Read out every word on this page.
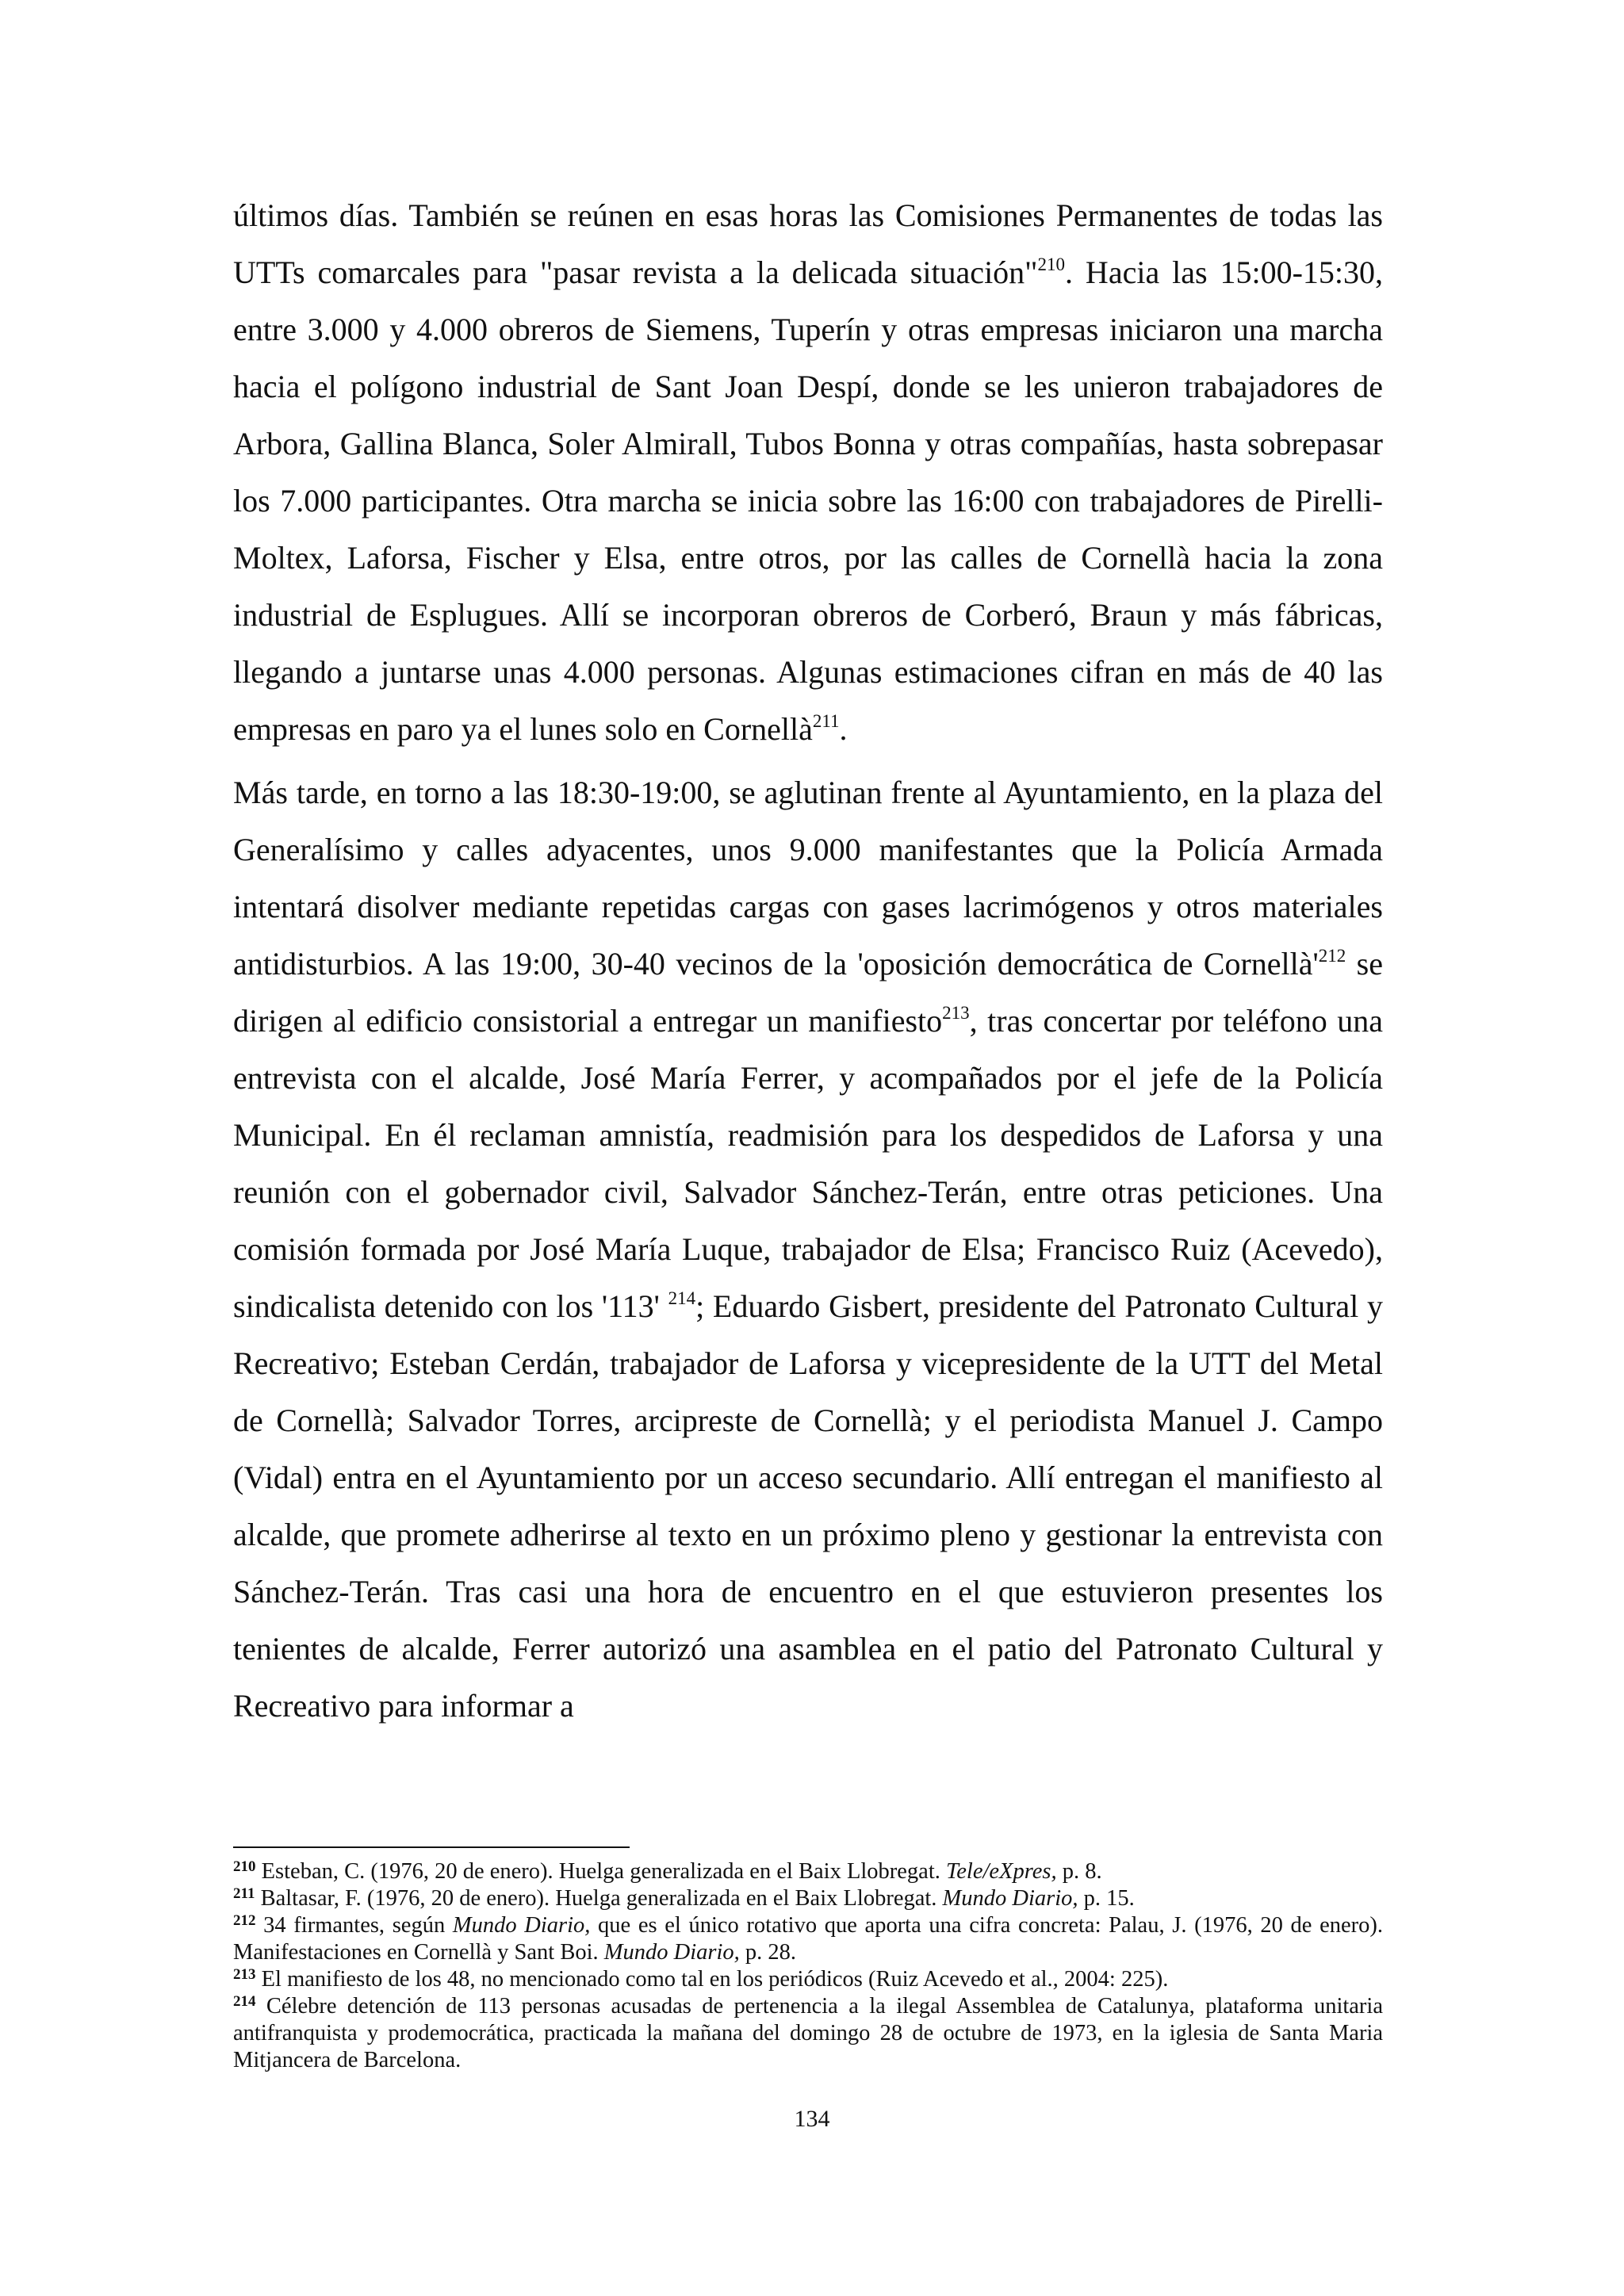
últimos días. También se reúnen en esas horas las Comisiones Permanentes de todas las UTTs comarcales para "pasar revista a la delicada situación"$^{210}$. Hacia las 15:00-15:30, entre 3.000 y 4.000 obreros de Siemens, Tuperín y otras empresas iniciaron una marcha hacia el polígono industrial de Sant Joan Despí, donde se les unieron trabajadores de Arbora, Gallina Blanca, Soler Almirall, Tubos Bonna y otras compañías, hasta sobrepasar los 7.000 participantes. Otra marcha se inicia sobre las 16:00 con trabajadores de Pirelli-Moltex, Laforsa, Fischer y Elsa, entre otros, por las calles de Cornellà hacia la zona industrial de Esplugues. Allí se incorporan obreros de Corberó, Braun y más fábricas, llegando a juntarse unas 4.000 personas. Algunas estimaciones cifran en más de 40 las empresas en paro ya el lunes solo en Cornellà$^{211}$.

Más tarde, en torno a las 18:30-19:00, se aglutinan frente al Ayuntamiento, en la plaza del Generalísimo y calles adyacentes, unos 9.000 manifestantes que la Policía Armada intentará disolver mediante repetidas cargas con gases lacrimógenos y otros materiales antidisturbios. A las 19:00, 30-40 vecinos de la 'oposición democrática de Cornellà'$^{212}$ se dirigen al edificio consistorial a entregar un manifiesto$^{213}$, tras concertar por teléfono una entrevista con el alcalde, José María Ferrer, y acompañados por el jefe de la Policía Municipal. En él reclaman amnistía, readmisión para los despedidos de Laforsa y una reunión con el gobernador civil, Salvador Sánchez-Terán, entre otras peticiones. Una comisión formada por José María Luque, trabajador de Elsa; Francisco Ruiz (Acevedo), sindicalista detenido con los '113' $^{214}$; Eduardo Gisbert, presidente del Patronato Cultural y Recreativo; Esteban Cerdán, trabajador de Laforsa y vicepresidente de la UTT del Metal de Cornellà; Salvador Torres, arcipreste de Cornellà; y el periodista Manuel J. Campo (Vidal) entra en el Ayuntamiento por un acceso secundario. Allí entregan el manifiesto al alcalde, que promete adherirse al texto en un próximo pleno y gestionar la entrevista con Sánchez-Terán. Tras casi una hora de encuentro en el que estuvieron presentes los tenientes de alcalde, Ferrer autorizó una asamblea en el patio del Patronato Cultural y Recreativo para informar a

$^{210}$ Esteban, C. (1976, 20 de enero). Huelga generalizada en el Baix Llobregat. Tele/eXpres, p. 8.

$^{211}$ Baltasar, F. (1976, 20 de enero). Huelga generalizada en el Baix Llobregat. Mundo Diario, p. 15.

$^{212}$ 34 firmantes, según Mundo Diario, que es el único rotativo que aporta una cifra concreta: Palau, J. (1976, 20 de enero). Manifestaciones en Cornellà y Sant Boi. Mundo Diario, p. 28.

$^{213}$ El manifiesto de los 48, no mencionado como tal en los periódicos (Ruiz Acevedo et al., 2004: 225).

$^{214}$ Célebre detención de 113 personas acusadas de pertenencia a la ilegal Assemblea de Catalunya, plataforma unitaria antifranquista y prodemocrática, practicada la mañana del domingo 28 de octubre de 1973, en la iglesia de Santa Maria Mitjancera de Barcelona.

134
